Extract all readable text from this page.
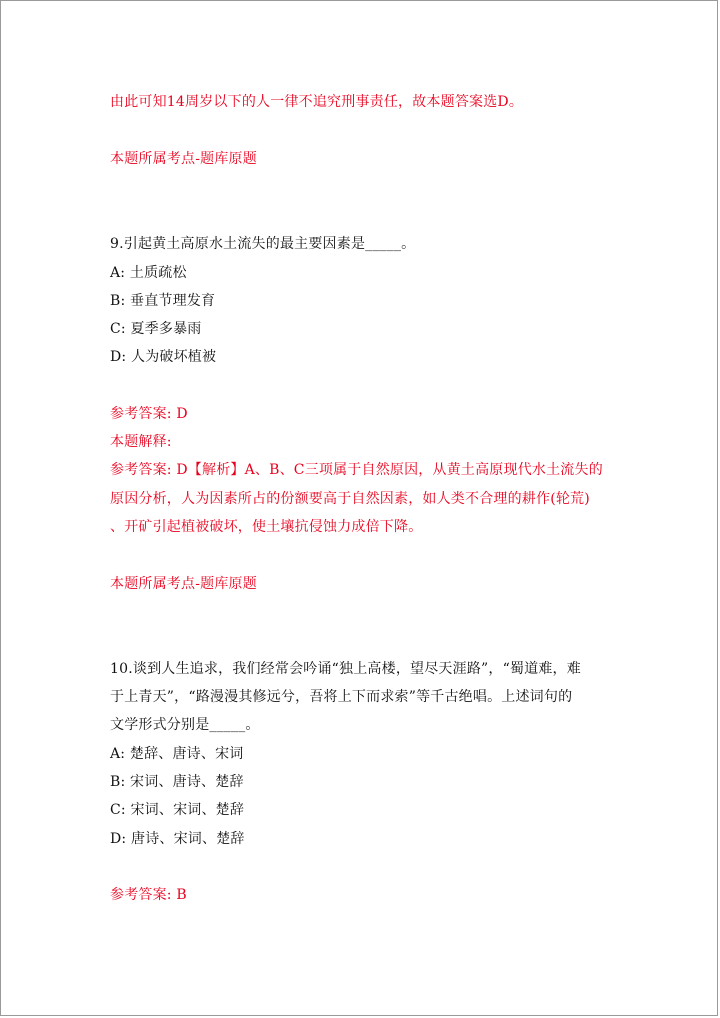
由此可知14周岁以下的人一律不追究刑事责任，故本题答案选D。
本题所属考点-题库原题
9.引起黄土高原水土流失的最主要因素是_____。
A: 土质疏松
B: 垂直节理发育
C: 夏季多暴雨
D: 人为破坏植被
参考答案: D
本题解释:
参考答案: D【解析】A、B、C三项属于自然原因，从黄土高原现代水土流失的
原因分析，人为因素所占的份额要高于自然因素，如人类不合理的耕作(轮荒)
、开矿引起植被破坏，使土壤抗侵蚀力成倍下降。
本题所属考点-题库原题
10.谈到人生追求，我们经常会吟诵“独上高楼，望尽天涯路”，“蜀道难，难
于上青天”，“路漫漫其修远兮，吾将上下而求索”等千古绝唱。上述词句的
文学形式分别是_____。
A: 楚辞、唐诗、宋词
B: 宋词、唐诗、楚辞
C: 宋词、宋词、楚辞
D: 唐诗、宋词、楚辞
参考答案: B
